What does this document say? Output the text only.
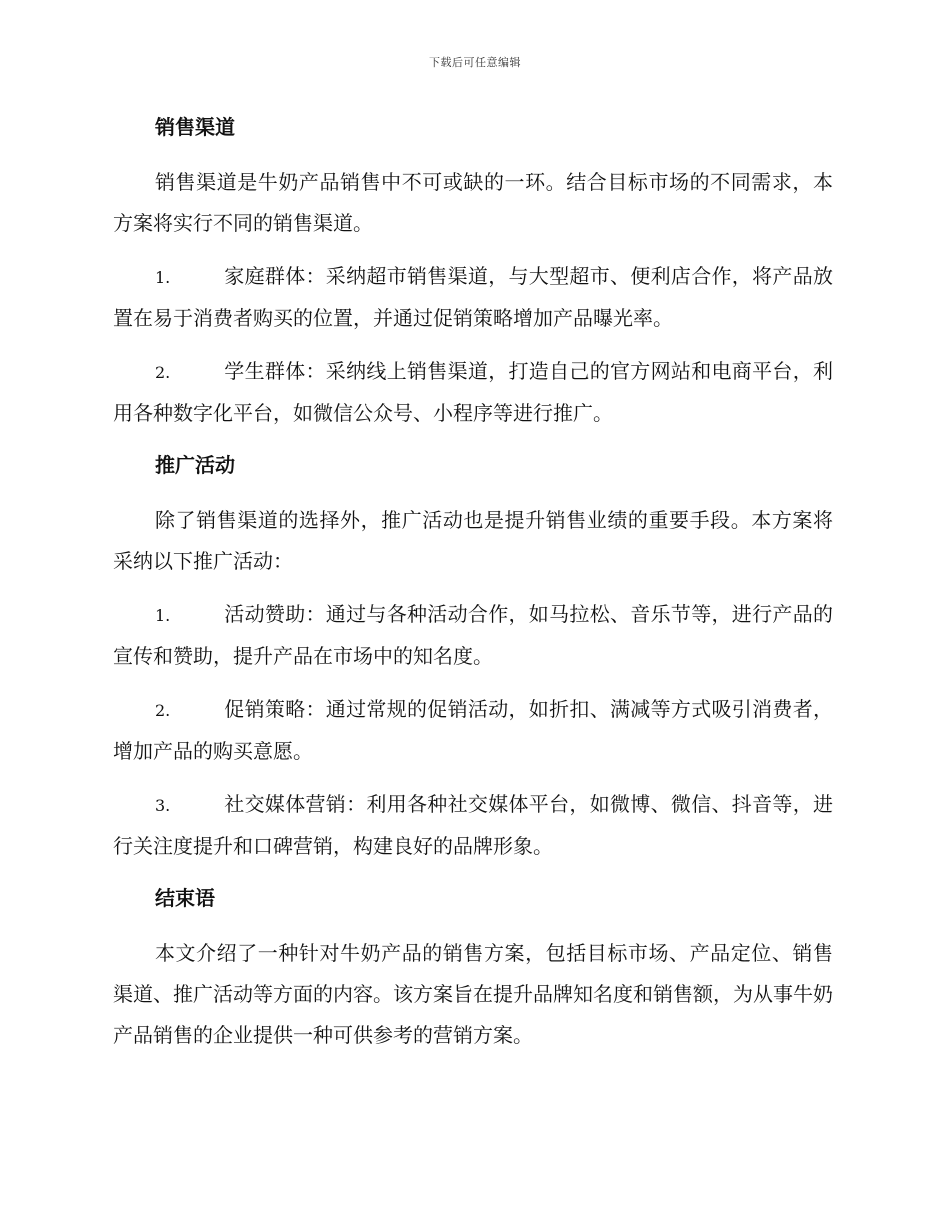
下载后可任意编辑
销售渠道

销售渠道是牛奶产品销售中不可或缺的一环。结合目标市场的不同需求，本方案将实行不同的销售渠道。

1.	家庭群体：采纳超市销售渠道，与大型超市、便利店合作，将产品放置在易于消费者购买的位置，并通过促销策略增加产品曝光率。

2.	学生群体：采纳线上销售渠道，打造自己的官方网站和电商平台，利用各种数字化平台，如微信公众号、小程序等进行推广。

推广活动

除了销售渠道的选择外，推广活动也是提升销售业绩的重要手段。本方案将采纳以下推广活动：

1.	活动赞助：通过与各种活动合作，如马拉松、音乐节等，进行产品的宣传和赞助，提升产品在市场中的知名度。

2.	促销策略：通过常规的促销活动，如折扣、满减等方式吸引消费者，增加产品的购买意愿。

3.	社交媒体营销：利用各种社交媒体平台，如微博、微信、抖音等，进行关注度提升和口碑营销，构建良好的品牌形象。

结束语

本文介绍了一种针对牛奶产品的销售方案，包括目标市场、产品定位、销售渠道、推广活动等方面的内容。该方案旨在提升品牌知名度和销售额，为从事牛奶产品销售的企业提供一种可供参考的营销方案。
